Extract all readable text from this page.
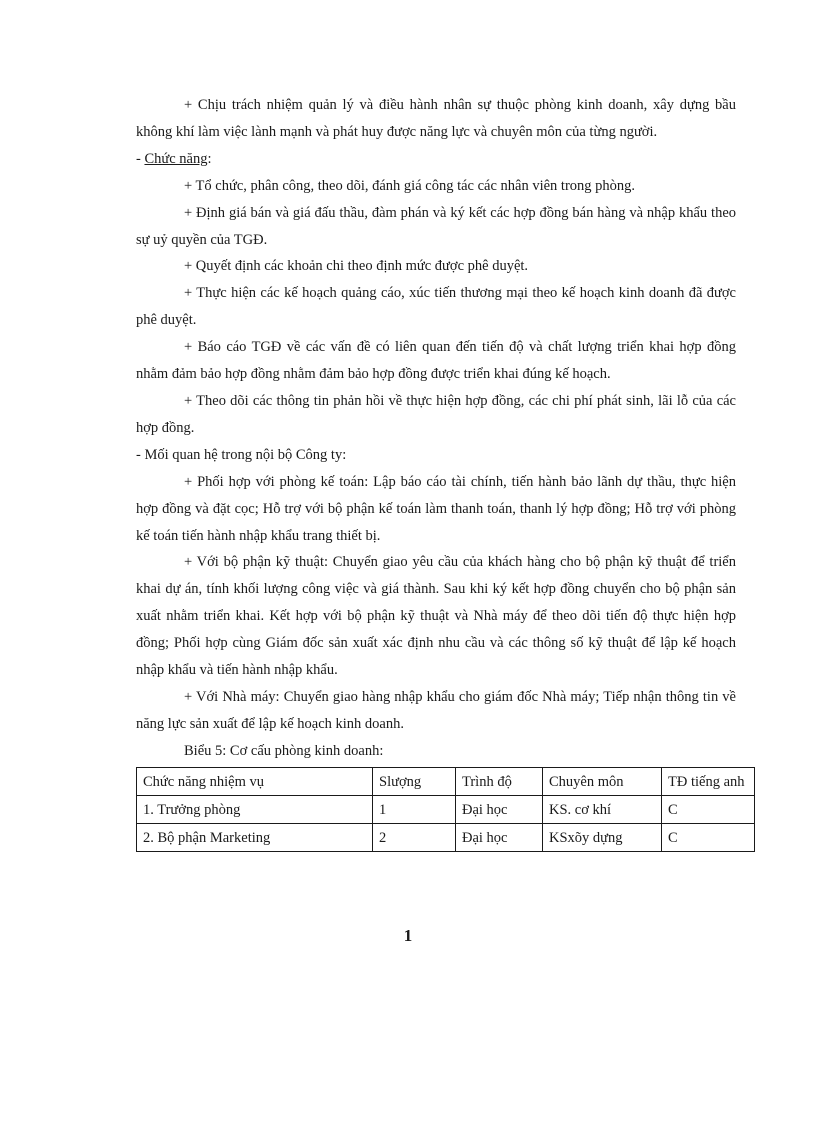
+ Chịu trách nhiệm quản lý và điều hành nhân sự thuộc phòng kinh doanh, xây dựng bầu không khí làm việc lành mạnh và phát huy được năng lực và chuyên môn của từng người.

- Chức năng:

+ Tổ chức, phân công, theo dõi, đánh giá công tác các nhân viên trong phòng.

+ Định giá bán và giá đấu thầu, đàm phán và ký kết các hợp đồng bán hàng và nhập khẩu theo sự uỷ quyền của TGĐ.

+ Quyết định các khoản chi theo định mức được phê duyệt.

+ Thực hiện các kế hoạch quảng cáo, xúc tiến thương mại theo kế hoạch kinh doanh đã được phê duyệt.

+ Báo cáo TGĐ về các vấn đề có liên quan đến tiến độ và chất lượng triển khai hợp đồng nhằm đảm bảo hợp đồng nhằm đảm bảo hợp đồng được triển khai đúng kế hoạch.

+ Theo dõi các thông tin phản hồi về thực hiện hợp đồng, các chi phí phát sinh, lãi lỗ của các hợp đồng.

- Mối quan hệ trong nội bộ Công ty:

+ Phối hợp với phòng kế toán: Lập báo cáo tài chính, tiến hành bảo lãnh dự thầu, thực hiện hợp đồng và đặt cọc; Hỗ trợ với bộ phận kế toán làm thanh toán, thanh lý hợp đồng; Hỗ trợ với phòng kế toán tiến hành nhập khẩu trang thiết bị.

+ Với bộ phận kỹ thuật: Chuyển giao yêu cầu của khách hàng cho bộ phận kỹ thuật để triển khai dự án, tính khối lượng công việc và giá thành. Sau khi ký kết hợp đồng chuyển cho bộ phận sản xuất nhằm triển khai. Kết hợp với bộ phận kỹ thuật và Nhà máy để theo dõi tiến độ thực hiện hợp đồng; Phối hợp cùng Giám đốc sản xuất xác định nhu cầu và các thông số kỹ thuật để lập kế hoạch nhập khẩu và tiến hành nhập khẩu.

+ Với Nhà máy: Chuyển giao hàng nhập khẩu cho giám đốc Nhà máy; Tiếp nhận thông tin về năng lực sản xuất để lập kế hoạch kinh doanh.

Biểu 5: Cơ cấu phòng kinh doanh:

Chức năng nhiệm vụ	Slượng	Trình độ	Chuyên môn	TĐ tiếng anh
1. Trưởng phòng	1	Đại học	KS. cơ khí	C
2. Bộ phận Marketing	2	Đại học	KSxõy dựng	C
1
